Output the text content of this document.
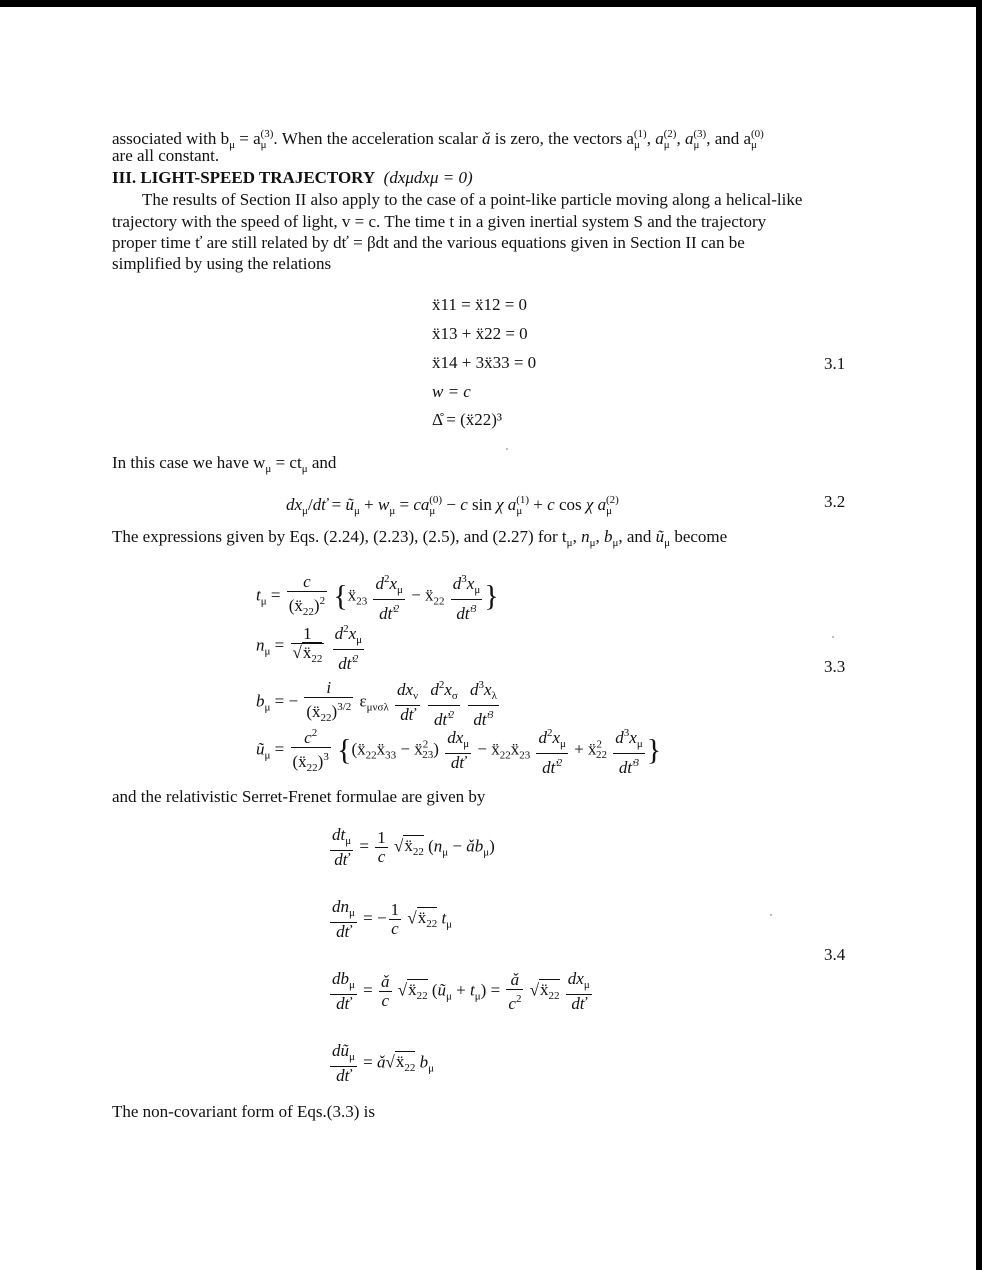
associated with $b_\mu = a_\mu^{(3)}$. When the acceleration scalar ǎ is zero, the vectors $a_\mu^{(1)}$, $a_\mu^{(2)}$, $a_\mu^{(3)}$, and $a_\mu^{(0)}$
are all constant.
III. LIGHT-SPEED TRAJECTORY (dxμdxμ = 0)
The results of Section II also apply to the case of a point-like particle moving along a helical-like
trajectory with the speed of light, v = c. The time t in a given inertial system S and the trajectory
proper time ť are still related by dť = βdt and the various equations given in Section II can be
simplified by using the relations
ẍ11 = ẍ12 = 0
ẍ13 + ẍ22 = 0
ẍ14 + 3ẍ33 = 0
w = c
Δ̊ = (ẍ22)³
3.1
In this case we have $w_\mu = ct_\mu$ and
$dx_\mu/dť$ = $ũ_\mu + w_\mu = ca_\mu^{(0)} - c$ sin χ $a_\mu^{(1)} + c$ cos χ $a_\mu^{(2)}$	3.2
The expressions given by Eqs. (2.24), (2.23), (2.5), and (2.27) for $t_\mu$, $n_\mu$, $b_\mu$, and $ũ_\mu$ become
$t_\mu = \frac{c}{(ẍ_{22})^2}$ {ẍ$_{23}$ $\frac{d^2x_\mu}{dť^2}$ − ẍ$_{22}$ $\frac{d^3x_\mu}{dť^3}$ }
$n_\mu = \frac{1}{√ẍ_{22}}$
$\frac{d^2x_\mu}{dť^2}$
$b_\mu$ = − $\frac{i}{(ẍ_{22})^{3/2}} \varepsilon_{\mu\nu\sigma\lambda} \frac{dx_\nu}{dť}$
$\frac{d^2x_\sigma}{dť^2}$
$\frac{d^3x_\lambda}{dť^3}$
$ũ_\mu = \frac{c^2}{(ẍ_{22})^3}$ {(ẍ$_{22}$ẍ$_{33}$ − ẍ$^2_{23}$) $\frac{dx_\mu}{dť}$ − ẍ$_{22}$ẍ$_{23}$ $\frac{d^2x_\mu}{dť^2}$ + ẍ$^2_{22}$ $\frac{d^3x_\mu}{dť^3}$ }
3.3
and the relativistic Serret-Frenet formulae are given by
$\frac{dt_\mu}{dť} = \frac{1}{c}$ √ẍ$_{22}$ ($n_\mu$ − $ǎb_\mu$)
$\frac{dn_\mu}{dť}$ = − $\frac{1}{c}$ √ẍ$_{22}$ $t_\mu$
$\frac{db_\mu}{dť} = \frac{ǎ}{c}$ √ẍ$_{22}$ $(ũ_\mu + t_\mu) = \frac{ǎ}{c^2}$ √ẍ$_{22}$ $\frac{dx_\mu}{dť}$
$\frac{dũ_\mu}{dť}$ = ǎ√ẍ$_{22}$ $b_\mu$
3.4
The non-covariant form of Eqs.(3.3) is
